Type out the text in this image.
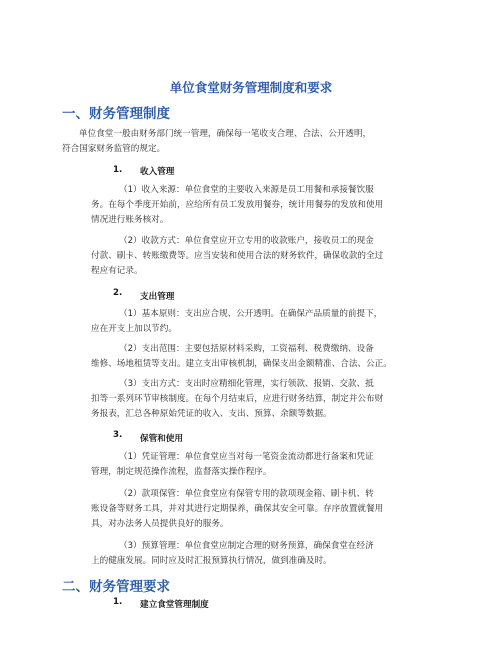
单位食堂财务管理制度和要求
一、财务管理制度

单位食堂一般由财务部门统一管理，确保每一笔收支合理、合法、公开透明，

符合国家财务监管的规定。

1. 收入管理

（1）收入来源：单位食堂的主要收入来源是员工用餐和承接餐饮服

务。在每个季度开始前，应给所有员工发放用餐券，统计用餐券的发放和使用

情况进行账务核对。

（2）收款方式：单位食堂应开立专用的收款账户，接收员工的现金

付款、刷卡、转账缴费等。应当安装和使用合法的财务软件，确保收款的全过

程应有记录。

2. 支出管理

（1）基本原则：支出应合规、公开透明。在确保产品质量的前提下，

应在开支上加以节约。

（2）支出范围：主要包括原材料采购，工资福利、税费缴纳、设备

维修、场地租赁等支出。建立支出审核机制，确保支出金额精准、合法、公正。

（3）支出方式：支出时应精细化管理，实行领款、报销、交款、抵

扣等一系列环节审核制度。在每个月结束后，应进行财务结算，制定并公布财

务报表，汇总各种原始凭证的收入、支出、预算、余额等数据。

3. 保管和使用

（1）凭证管理：单位食堂应当对每一笔资金流动都进行备案和凭证

管理，制定规范操作流程，监督落实操作程序。

（2）款项保管：单位食堂应有保管专用的款项现金箱、刷卡机、转

账设备等财务工具，并对其进行定期保养，确保其安全可靠。存序放置就餐用

具，对办法务人员提供良好的服务。

（3）预算管理：单位食堂应制定合理的财务预算，确保食堂在经济

上的健康发展。同时应及时汇报预算执行情况，做到准确及时。

二、财务管理要求
1. 建立食堂管理制度
